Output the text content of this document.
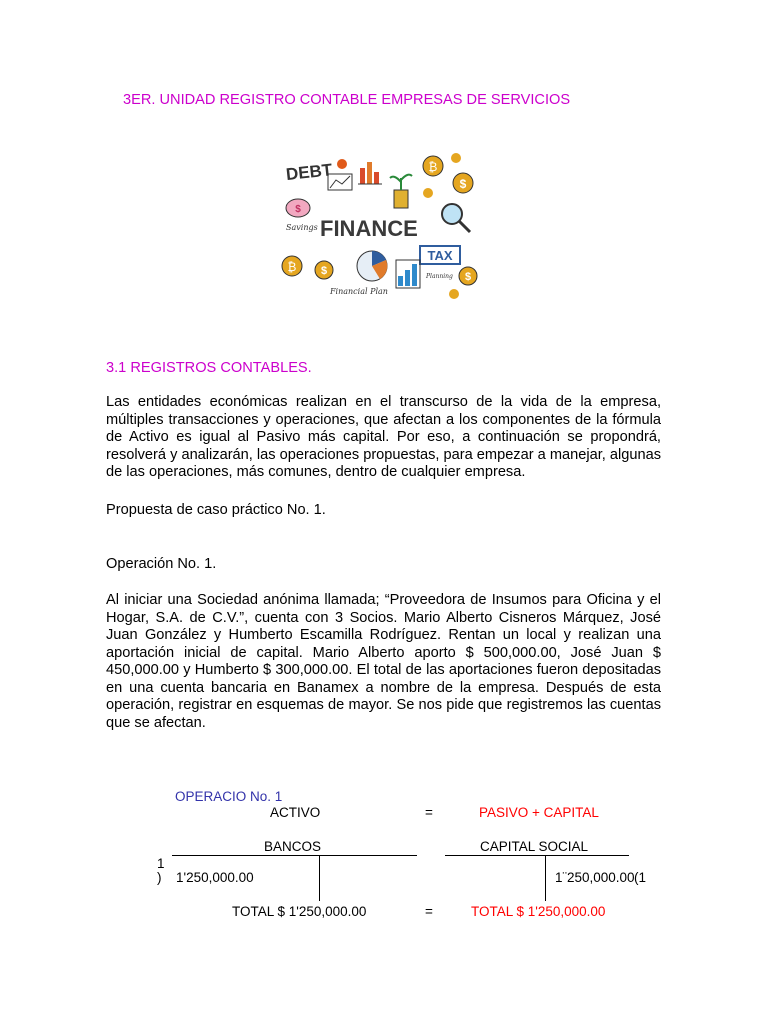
3ER. UNIDAD REGISTRO CONTABLE EMPRESAS DE SERVICIOS
DEBT	₿
$
$
Savings FINANCE
₿ $
Financial Plan
TAX
Planning $
3.1 REGISTROS CONTABLES.
Las entidades económicas realizan en el transcurso de la vida de la empresa, múltiples transacciones y operaciones, que afectan a los componentes de la fórmula de Activo es igual al Pasivo más capital. Por eso, a continuación se propondrá, resolverá y analizarán, las operaciones propuestas, para empezar a manejar, algunas de las operaciones, más comunes, dentro de cualquier empresa.
Propuesta de caso práctico No. 1.
Operación No. 1.
Al iniciar una Sociedad anónima llamada; “Proveedora de Insumos para Oficina y el Hogar, S.A. de C.V.”, cuenta con 3 Socios. Mario Alberto Cisneros Márquez, José Juan González y Humberto Escamilla Rodríguez. Rentan un local y realizan una aportación inicial de capital. Mario Alberto aporto $ 500,000.00, José Juan $ 450,000.00 y Humberto $ 300,000.00. El total de las aportaciones fueron depositadas en una cuenta bancaria en Banamex a nombre de la empresa. Después de esta operación, registrar en esquemas de mayor. Se nos pide que registremos las cuentas que se afectan.
OPERACIO No. 1
ACTIVO	=	PASIVO + CAPITAL
BANCOS	CAPITAL SOCIAL
1
) 1'250,000.00	1¨250,000.00 (1
TOTAL $ 1'250,000.00	=	TOTAL $ 1'250,000.00
